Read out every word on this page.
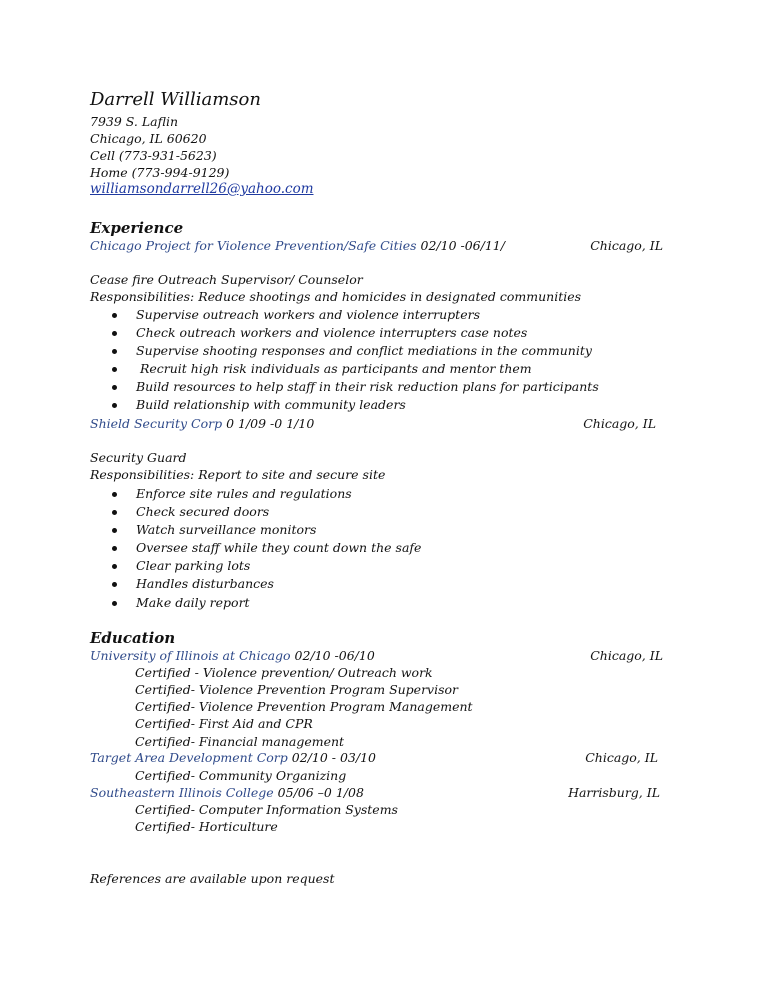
Darrell Williamson
7939 S. Laflin
Chicago, IL 60620
Cell (773-931-5623)
Home (773-994-9129)
williamsondarrell26@yahoo.com
Experience
Chicago Project for Violence Prevention/Safe Cities 02/10 -06/11/	Chicago, IL
Cease fire Outreach Supervisor/ Counselor
Responsibilities: Reduce shootings and homicides in designated communities
Supervise outreach workers and violence interrupters
Check outreach workers and violence interrupters case notes
Supervise shooting responses and conflict mediations in the community
Recruit high risk individuals as participants and mentor them
Build resources to help staff in their risk reduction plans for participants
Build relationship with community leaders
Shield Security Corp 0 1/09 -0 1/10	Chicago, IL
Security Guard
Responsibilities: Report to site and secure site
Enforce site rules and regulations
Check secured doors
Watch surveillance monitors
Oversee staff while they count down the safe
Clear parking lots
Handles disturbances
Make daily report
Education
University of Illinois at Chicago 02/10 -06/10	Chicago, IL
Certified - Violence prevention/ Outreach work
Certified- Violence Prevention Program Supervisor
Certified- Violence Prevention Program Management
Certified- First Aid and CPR
Certified- Financial management
Target Area Development Corp 02/10 - 03/10	Chicago, IL
Certified- Community Organizing
Southeastern Illinois College 05/06 –0 1/08	Harrisburg, IL
Certified- Computer Information Systems
Certified- Horticulture
References are available upon request
